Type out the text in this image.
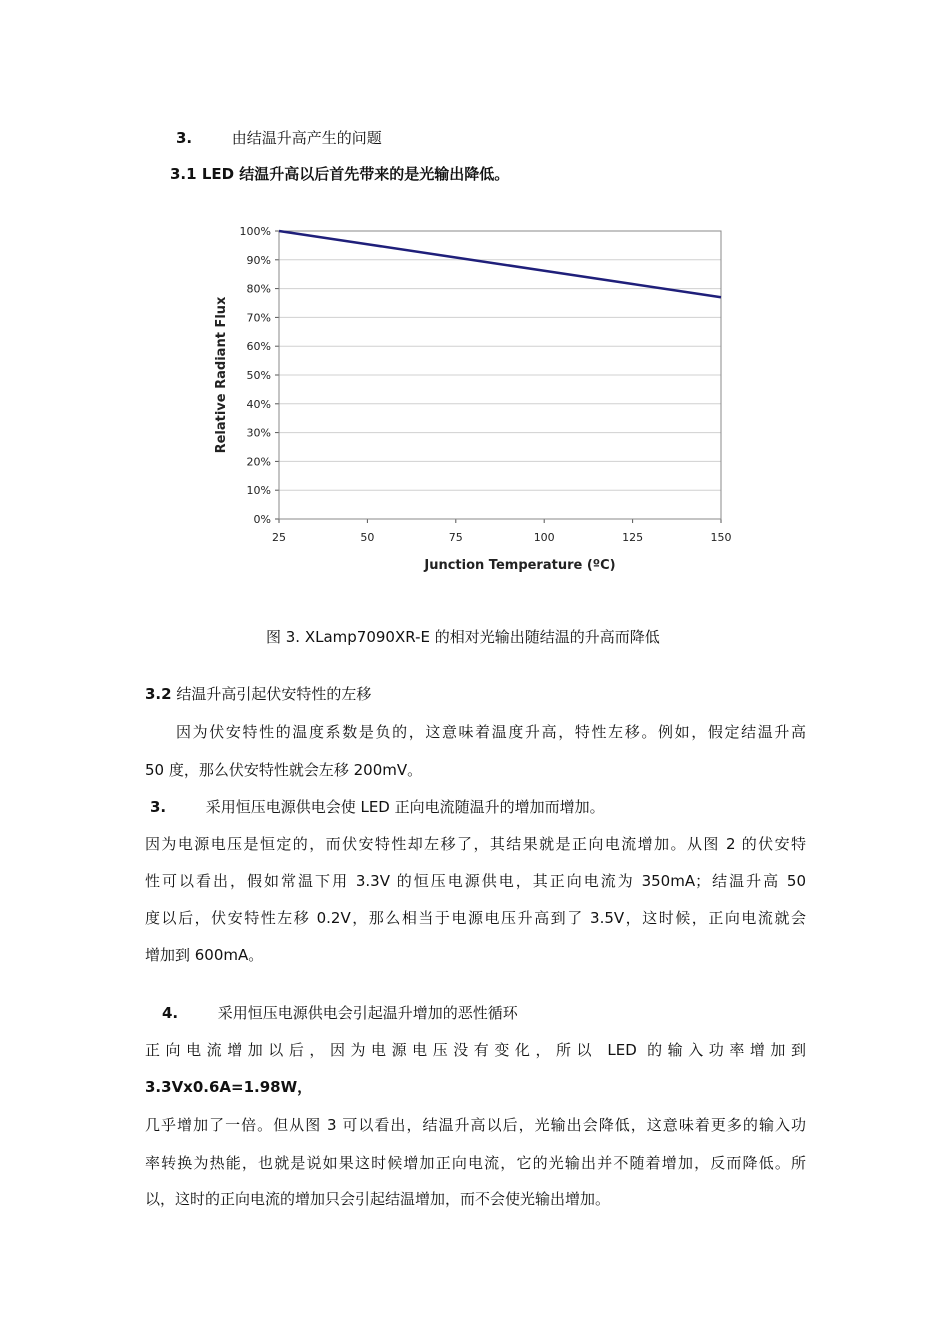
3.	由结温升高产生的问题
3.1 LED 结温升高以后首先带来的是光输出降低。
0%
10%
20%
30%
40%
50%
60%
70%
80%
90%
100%
25	50	75	100	125	150
Junction Temperature (ºC)
Relative Radiant Flux
图 3. XLamp7090XR-E 的相对光输出随结温的升高而降低
3.2 结温升高引起伏安特性的左移
因为伏安特性的温度系数是负的，这意味着温度升高，特性左移。例如，假定结温升高
50 度，那么伏安特性就会左移 200mV。
3.	采用恒压电源供电会使 LED 正向电流随温升的增加而增加。
因为电源电压是恒定的，而伏安特性却左移了，其结果就是正向电流增加。从图 2 的伏安特
性可以看出，假如常温下用 3.3V 的恒压电源供电，其正向电流为 350mA；结温升高 50
度以后，伏安特性左移 0.2V，那么相当于电源电压升高到了 3.5V，这时候，正向电流就会
增加到 600mA。
4.	采用恒压电源供电会引起温升增加的恶性循环
正向电流增加以后，因为电源电压没有变化，所以 LED 的输入功率增加到
3.3Vx0.6A=1.98W，
几乎增加了一倍。但从图 3 可以看出，结温升高以后，光输出会降低，这意味着更多的输入功
率转换为热能，也就是说如果这时候增加正向电流，它的光输出并不随着增加，反而降低。所
以，这时的正向电流的增加只会引起结温增加，而不会使光输出增加。
